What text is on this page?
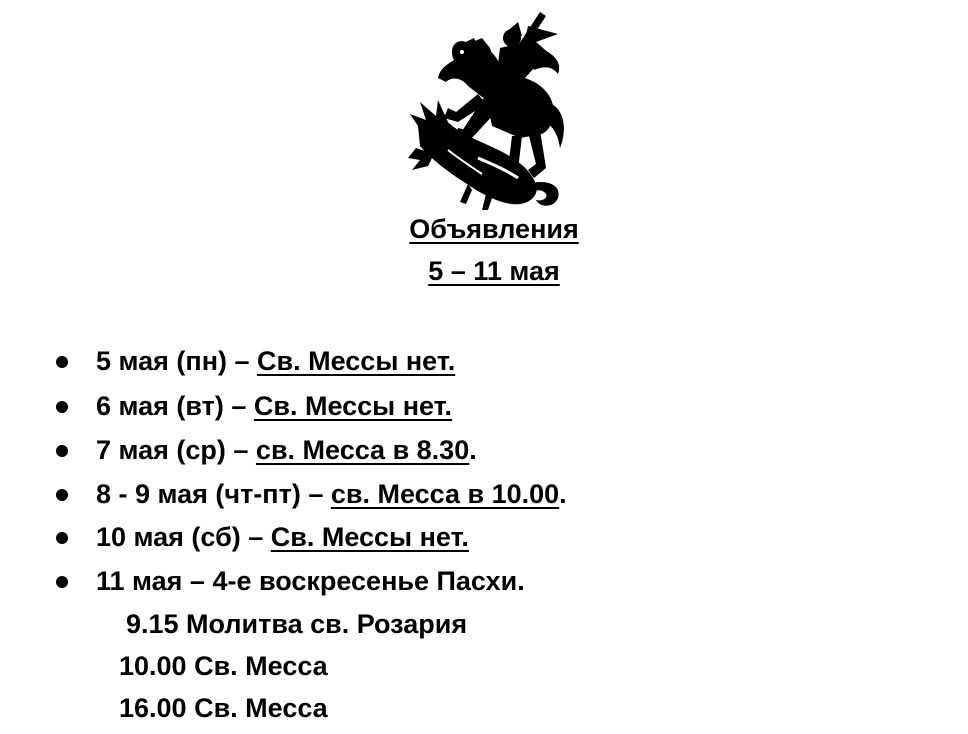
Объявления
5 – 11 мая
5 мая (пн) – Св. Мессы нет.
6 мая (вт) – Св. Мессы нет.
7 мая (ср) – св. Месса в 8.30.
8 - 9 мая (чт-пт) – св. Месса в 10.00.
10 мая (сб) – Св. Мессы нет.
11 мая – 4-е воскресенье Пасхи.
9.15 Молитва св. Розария
10.00 Св. Месса
16.00 Св. Месса
